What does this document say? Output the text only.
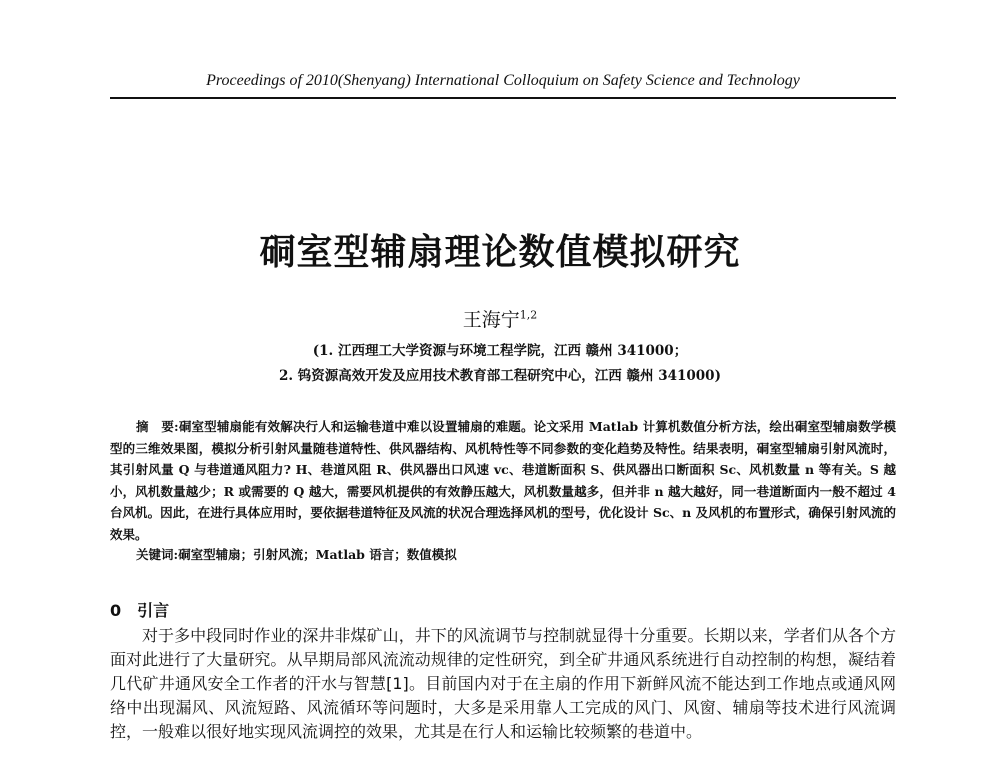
Proceedings of 2010(Shenyang) International Colloquium on Safety Science and Technology
硐室型辅扇理论数值模拟研究
王海宁$^{1,2}$
(1. 江西理工大学资源与环境工程学院，江西 赣州 341000；
2. 钨资源高效开发及应用技术教育部工程研究中心，江西 赣州 341000)
摘　要:硐室型辅扇能有效解决行人和运输巷道中难以设置辅扇的难题。论文采用 Matlab 计算机数值分析方法，绘出硐室型辅扇数学模型的三维效果图，模拟分析引射风量随巷道特性、供风器结构、风机特性等不同参数的变化趋势及特性。结果表明，硐室型辅扇引射风流时，其引射风量 Q 与巷道通风阻力? H、巷道风阻 R、供风器出口风速 vc、巷道断面积 S、供风器出口断面积 Sc、风机数量 n 等有关。S 越小，风机数量越少；R 或需要的 Q 越大，需要风机提供的有效静压越大，风机数量越多，但并非 n 越大越好，同一巷道断面内一般不超过 4 台风机。因此，在进行具体应用时，要依据巷道特征及风流的状况合理选择风机的型号，优化设计 Sc、n 及风机的布置形式，确保引射风流的效果。
关键词:硐室型辅扇；引射风流；Matlab 语言；数值模拟
0　引言
对于多中段同时作业的深井非煤矿山，井下的风流调节与控制就显得十分重要。长期以来，学者们从各个方面对此进行了大量研究。从早期局部风流流动规律的定性研究，到全矿井通风系统进行自动控制的构想，凝结着几代矿井通风安全工作者的汗水与智慧[1]。目前国内对于在主扇的作用下新鲜风流不能达到工作地点或通风网络中出现漏风、风流短路、风流循环等问题时，大多是采用靠人工完成的风门、风窗、辅扇等技术进行风流调控，一般难以很好地实现风流调控的效果，尤其是在行人和运输比较频繁的巷道中。
